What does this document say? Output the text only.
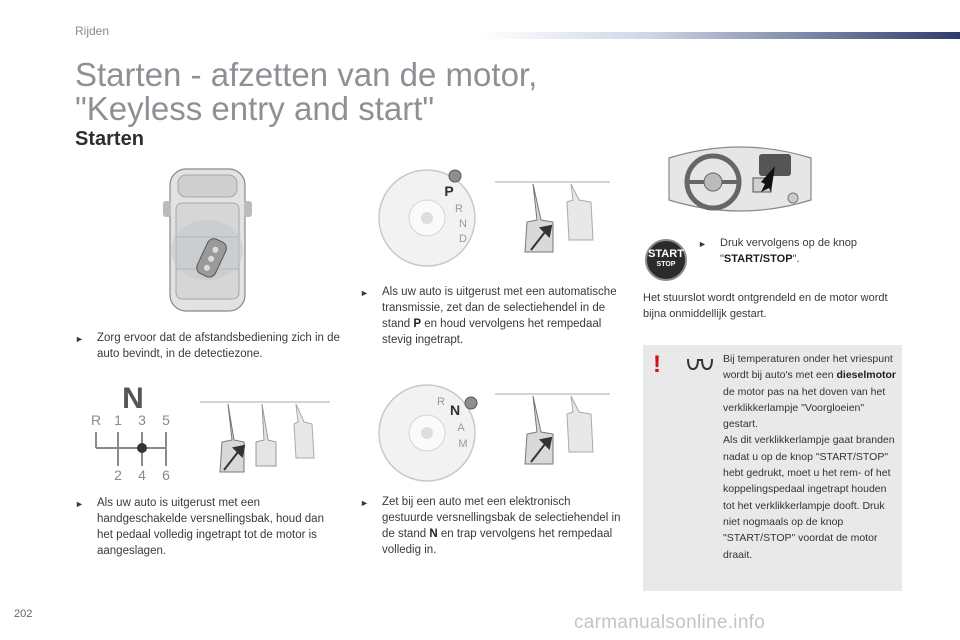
Rijden
Starten - afzetten van de motor,
"Keyless entry and start"
Starten
►	Zorg ervoor dat de afstandsbediening zich in de auto bevindt, in de detectiezone.
N
R 1 3 5
2 4 6
►	Als uw auto is uitgerust met een handgeschakelde versnellingsbak, houd dan het pedaal volledig ingetrapt tot de motor is aangeslagen.
P
R
N
D
►	Als uw auto is uitgerust met een automatische transmissie, zet dan de selectiehendel in de stand P en houd vervolgens het rempedaal stevig ingetrapt.
R N
A
M
►	Zet bij een auto met een elektronisch gestuurde versnellingsbak de selectiehendel in de stand N en trap vervolgens het rempedaal volledig in.
START
STOP
►	Druk vervolgens op de knop "START/STOP".
Het stuurslot wordt ontgrendeld en de motor wordt bijna onmiddellijk gestart.
!	Bij temperaturen onder het vriespunt wordt bij auto's met een dieselmotor de motor pas na het doven van het verklikkerlampje "Voorgloeien" gestart.
Als dit verklikkerlampje gaat branden nadat u op de knop "START/STOP" hebt gedrukt, moet u het rem- of het koppelingspedaal ingetrapt houden tot het verklikkerlampje dooft. Druk niet nogmaals op de knop "START/STOP" voordat de motor draait.
202	carmanualsonline.info
